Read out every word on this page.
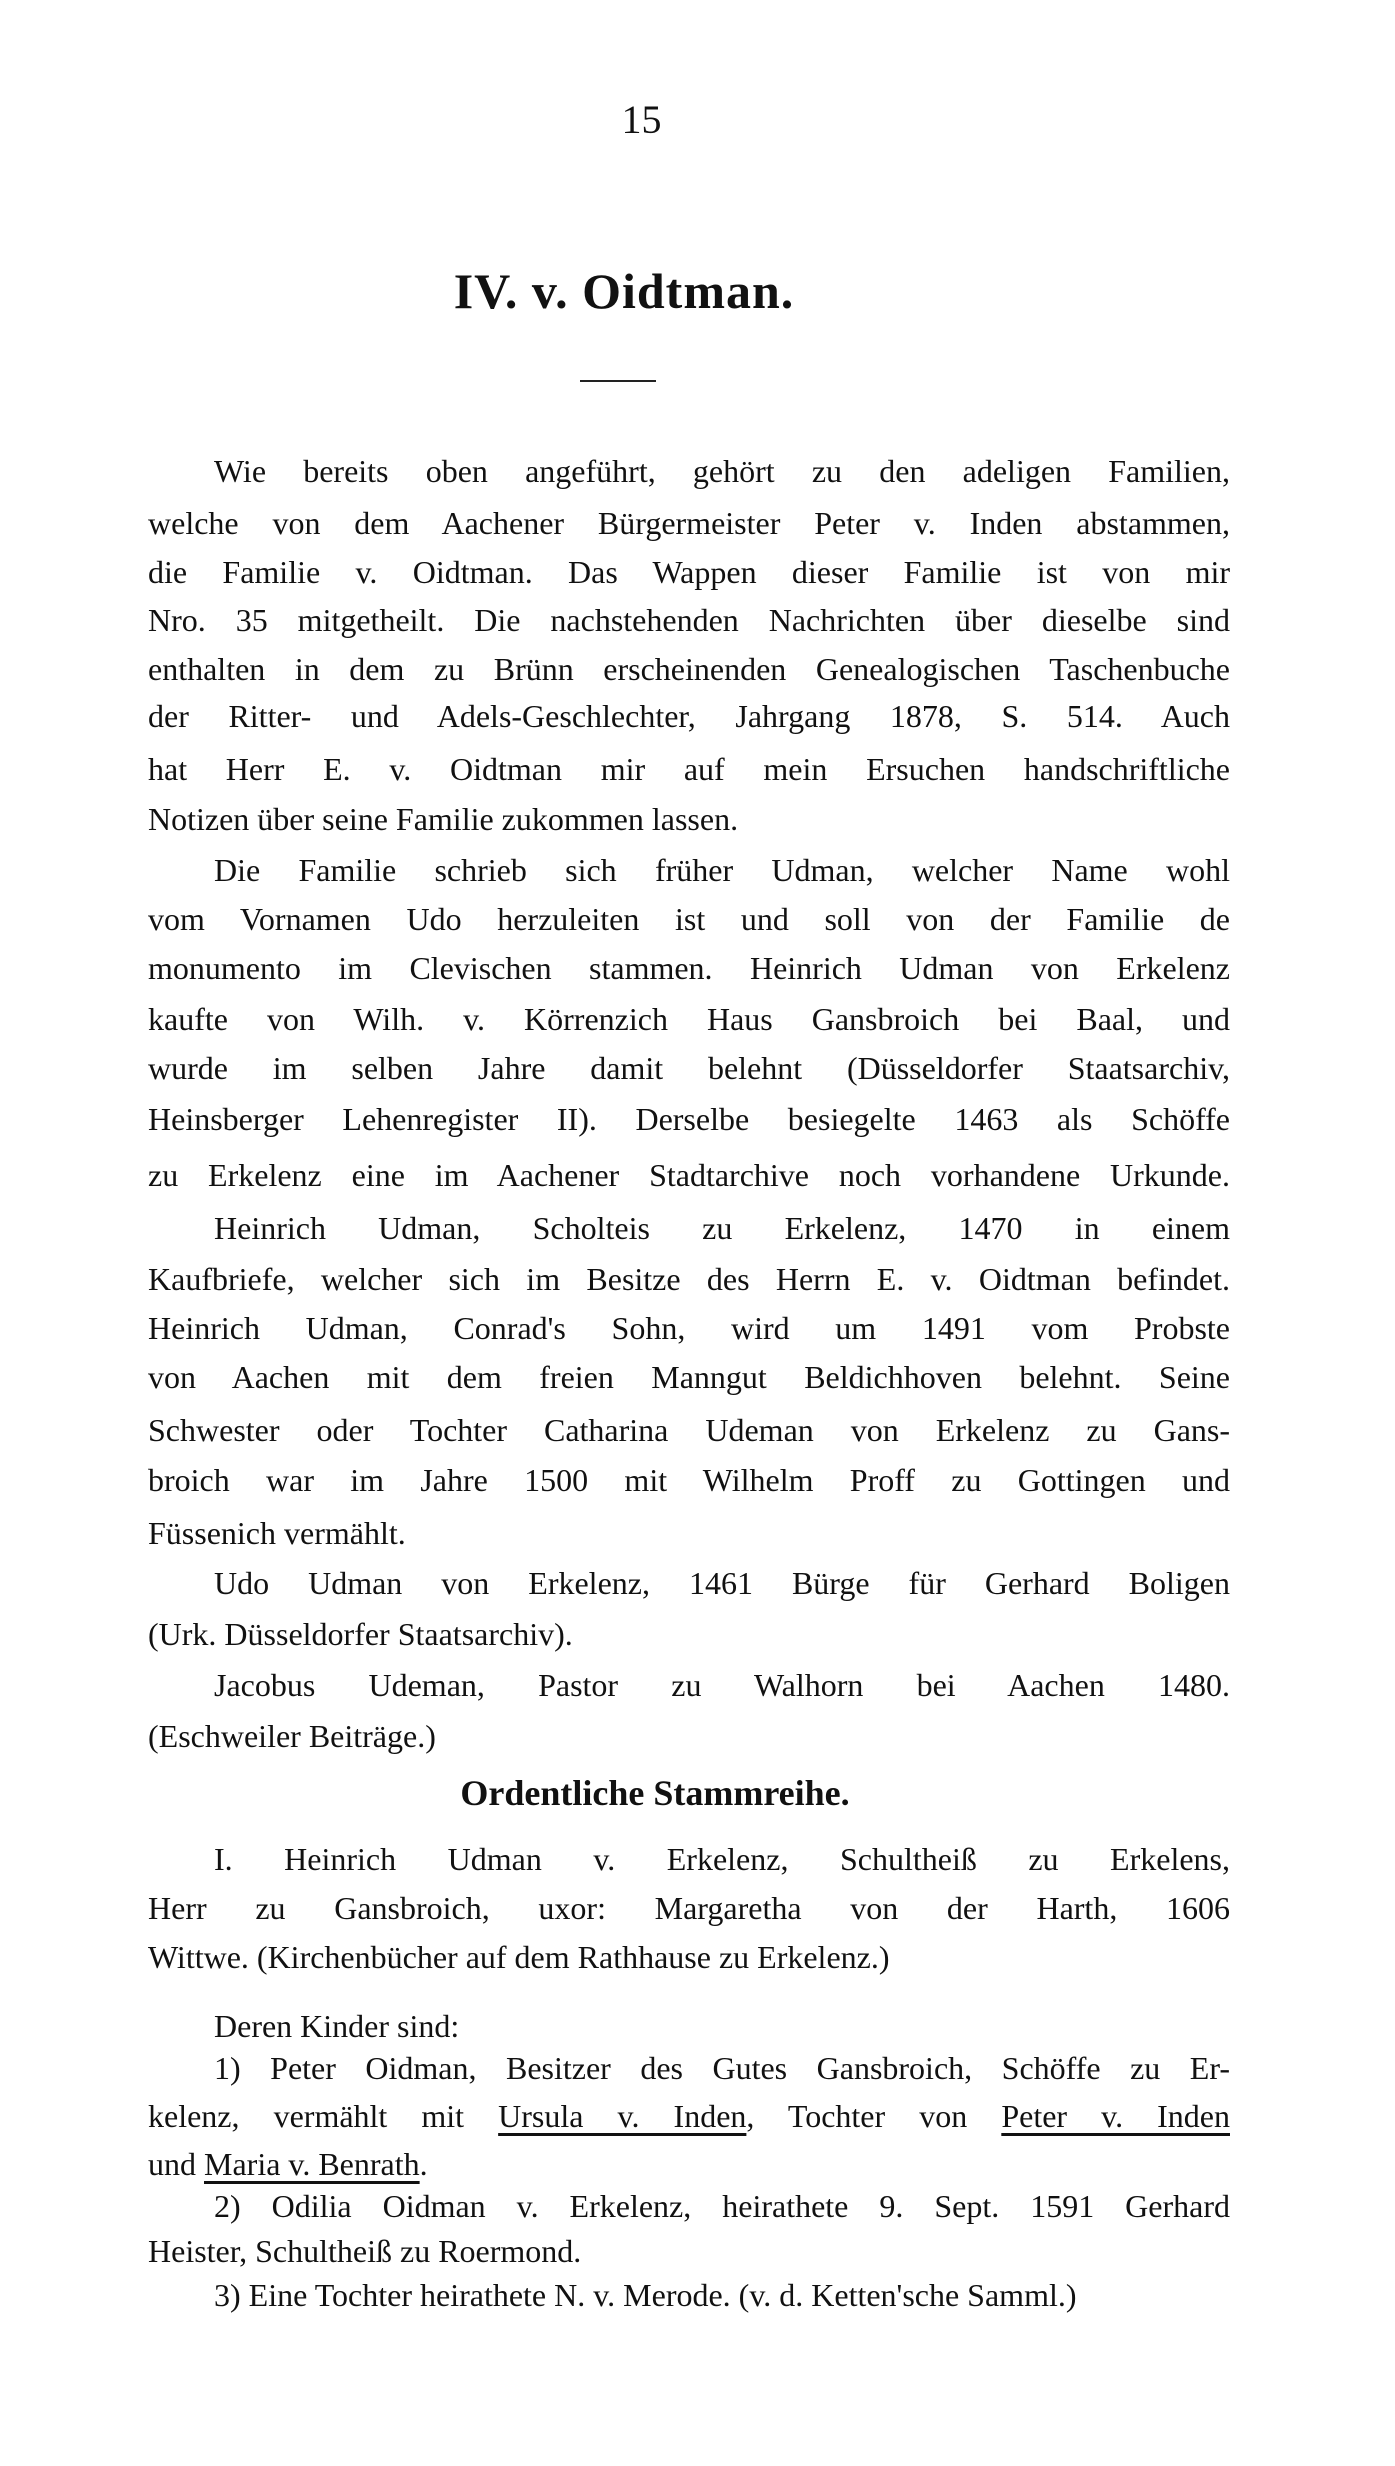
15
IV. v. Oidtman.
Ordentliche Stammreihe.
Wie bereits oben angeführt, gehört zu den adeligen Familien,
welche von dem Aachener Bürgermeister Peter v. Inden abstammen,
die Familie v. Oidtman. Das Wappen dieser Familie ist von mir
Nro. 35 mitgetheilt. Die nachstehenden Nachrichten über dieselbe sind
enthalten in dem zu Brünn erscheinenden Genealogischen Taschenbuche
der Ritter- und Adels-Geschlechter, Jahrgang 1878, S. 514. Auch
hat Herr E. v. Oidtman mir auf mein Ersuchen handschriftliche
Notizen über seine Familie zukommen lassen.
Die Familie schrieb sich früher Udman, welcher Name wohl
vom Vornamen Udo herzuleiten ist und soll von der Familie de
monumento im Clevischen stammen. Heinrich Udman von Erkelenz
kaufte von Wilh. v. Körrenzich Haus Gansbroich bei Baal, und
wurde im selben Jahre damit belehnt (Düsseldorfer Staatsarchiv,
Heinsberger Lehenregister II). Derselbe besiegelte 1463 als Schöffe
zu Erkelenz eine im Aachener Stadtarchive noch vorhandene Urkunde.
Heinrich Udman, Scholteis zu Erkelenz, 1470 in einem
Kaufbriefe, welcher sich im Besitze des Herrn E. v. Oidtman befindet.
Heinrich Udman, Conrad's Sohn, wird um 1491 vom Probste
von Aachen mit dem freien Manngut Beldichhoven belehnt. Seine
Schwester oder Tochter Catharina Udeman von Erkelenz zu Gans-
broich war im Jahre 1500 mit Wilhelm Proff zu Gottingen und
Füssenich vermählt.
Udo Udman von Erkelenz, 1461 Bürge für Gerhard Boligen
(Urk. Düsseldorfer Staatsarchiv).
Jacobus Udeman, Pastor zu Walhorn bei Aachen 1480.
(Eschweiler Beiträge.)
I. Heinrich Udman v. Erkelenz, Schultheiß zu Erkelens,
Herr zu Gansbroich, uxor: Margaretha von der Harth, 1606
Wittwe. (Kirchenbücher auf dem Rathhause zu Erkelenz.)
Deren Kinder sind:
1) Peter Oidman, Besitzer des Gutes Gansbroich, Schöffe zu Er-
kelenz, vermählt mit Ursula v. Inden, Tochter von Peter v. Inden
und Maria v. Benrath.
2) Odilia Oidman v. Erkelenz, heirathete 9. Sept. 1591 Gerhard
Heister, Schultheiß zu Roermond.
3) Eine Tochter heirathete N. v. Merode. (v. d. Ketten'sche Samml.)
